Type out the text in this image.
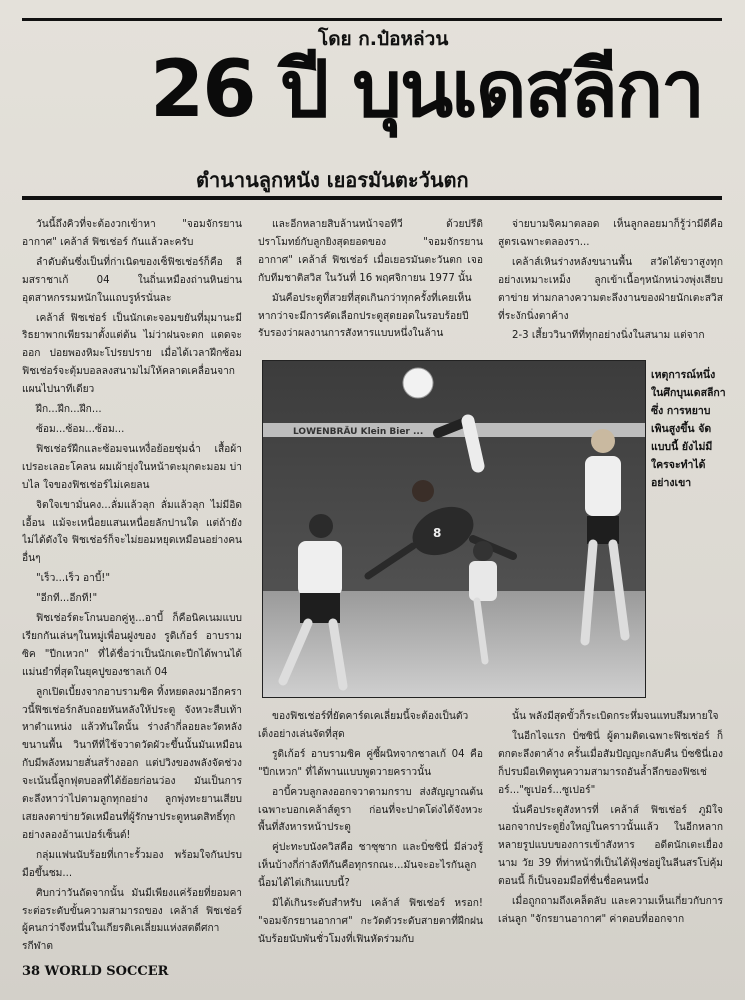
โดย ก.ป๋อหล่วน
26 ปี บุนเดสลีกา
ตำนานลูกหนัง เยอรมันตะวันตก

วันนี้ถึงคิวที่จะต้องวกเข้าหา "จอมจักรยานอากาศ" เคล้าส์ ฟิชเช่อร์ กันแล้วละครับ

ลำดับต้นซึ่งเป็นที่ก่าเนิดของเซ็ฟิชเช่อร์ก็คือ ลีมสราชาเก้ 04 ในถิ่นเหมืองถ่านหินย่านอุตสาหกรรมหนักในแถบรูห์รนั่นละ

เคล้าส์ ฟิชเช่อร์ เป็นนักเตะจอมขยันที่มุมานะมีริธยาพากเพียรมาตั้งแต่ต้น ไม่ว่าฝนจะตก แดดจะออก ปอยพองหิมะโปรยปราย เมื่อได้เวลาฝึกซ้อม ฟิชเช่อร์จะตุ้มบอลลงสนามไม่ให้คลาดเคลื่อนจากแผนไปนาทีเดียว

ฝึก...ฝึก...ฝึก...

ซ้อม...ซ้อม...ซ้อม...

ฟิชเช่อร์ฝึกและซ้อมจนเหงื่อย้อยชุ่มฉ่ำ เสื้อผ้าเปรอะเลอะโคลน ผมเผ้ายุ่งในหน้าตะมุกตะมอม บ่าบไล ใจของฟิชเช่อร์ไม่เคยลน

จิตใจเขามั่นคง...ลั่มแล้วลุก ลั่มแล้วลุก ไม่มีอิดเอื้อน แม้จะเหนื่อยแสนเหนื่อยลักปานใด แต่ถ้ายังไม่ได้ดังใจ ฟิชเช่อร์ก็จะไม่ยอมหยุดเหมือนอย่างคนอื่นๆ

"เร็ว...เร็ว อาบี้!"

"อีกที...อีกที!"

ฟิชเช่อร์ตะโกนบอกคู่หู...อาบี้ ก็คือนิคเนมแบบเรียกกันเล่นๆในหมู่เพื่อนฝูงของ รูดิเก้อร์ อาบรามซิค "ปีกเหวก" ที่ได้ชื่อว่าเป็นนักเตะปีกได้พานได้แม่นยำที่สุดในยุคปูของชาลเก้ 04

ลูกเปิดเบี้ยงจากอาบรามซิค ทิ้งหยดลงมาอีกคราวนี้ฟิชเช่อร์กลับถอยหันหลังให้ประตู จังหวะสืบเท้าหาตำแหน่ง แล้วทันใดนั้น ร่างลำกี่ลอยละวัดหลังขนานพื้น วินาทีที่ใช้จวาดวัดผัวะขึ้นนั้นมันเหมือนกับมีพลังหมายสั่นสร้างออก แต่ปวิงของพลังจัดช่วงจะเน้นนี้ลูกฟุตบอลที่ได้ย้อยก่อนว่อง มันเป็นการตะลึงหาว่าไปตามลูกทุกอย่าง ลูกพุ่งทะยานเสียบเสยลงตาข่ายวัดเหมือนที่ผู้รักษาประตูหนดสิทธิ์ทุกอย่างลองอ้านเปอร์เซ็นต์!

กลุ่มแฟนนับร้อยที่เกาะรั้วมอง พร้อมใจกันปรบมือขึ้นชม...

ศิบกว่าวันถัดจากนั้น มันมีเพียงแค่ร้อยที่ยอมคาระต่อระดับขั้นความสามารถของ เคล้าส์ ฟิชเช่อร์ ผู้คนกว่าจึงหนึ่นในเกียรติเคเลี่ยมแห่งสตดีศการกีฬาต

และอีกหลายสิบล้านหน้าจอทีวี ด้วยปรีดิปราโมทย์กับลูกยิงสุดยอดของ "จอมจักรยานอากาศ" เคล้าส์ ฟิชเช่อร์ เมื่อเยอรมันตะวันตก เจอกับทีมชาติสวิส ในวันที่ 16 พฤศจิกายน 1977 นั้น

มันคือประตูที่สวยที่สุดเกินกว่าทุกครั้งที่เคยเห็น หากว่าจะมีการคัดเลือกประตูสุดยอดในรอบร้อยปี รับรองว่าผลงานการสังหารแบบหนึ่งในล้าน

จ่ายบามจิคมาตลอด เห็นลูกลอยมาก็รู้ว่ามีดีคือสูตรเฉพาะตลองรา...

เคล้าส์เหินร่างหลังขนานพื้น สวัดได้ขวาสูงทุกอย่างเหมาะเหม็ง ลูกเข้าเนื้อๆหนักหน่วงพุ่งเสียบตาข่าย ท่ามกลางความตะลึงงานของฝ่ายนักเตะสวิสที่ระงักนิ่งตาค้าง

2-3 เสี้ยววินาทีที่ทุกอย่างนิ่งในสนาม แต่จาก

LOWENBRÄU Klein Bier ...
8
เหตุการณ์หนึ่ง ในศึกบุนเดสลีกา ซึ่ง การหยาบเพินสูงขึ้น จัดแบบนี้ ยังไม่มีใครจะทำได้อย่างเขา

ของฟิชเช่อร์ที่ยัดคาร์ดเคเลี่ยมนี้จะต้องเป็นตัวเต็งอย่างเล่นจัดที่สุด

รูดิเก้อร์ อาบรามซิค คู่ซี้ผนิทจากชาลเก้ 04 คือ "ปีกเหวก" ที่ได้พานแบบพูดวายคราวนั้น

อาบี้ควบลูกลงออกจวาดามกราบ ส่งสัญญาณต้นเฉพาะบอกเคล้าส์ตูรา ก่อนที่จะปาดโด่งได้จังหวะพื้นที่สังหารหน้าประตู

คู่ปะทะบนังควิสคือ ชาซุซาก และบิ่ซซินี่ มีล่วงรู้เห็นบ้างกี่ก่าลังทีกันคือทุกรกณะ...มันจะอะไรกันลูกนี้อมได้ไต่เกินแบบนี้?

มิได้เกินระดับสำหรับ เคล้าส์ ฟิชเช่อร์ หรอก! "จอมจักรยานอากาศ" กะวัดตัวระดับสายตาที่ฝึกฝนนับร้อยนับพันชั่วโมงที่เฟินหัดร่วมกับ

นั้น พลังมีสุดขั้วก็ระเบิดกระหึ่มจนแทบสึมหายใจ

ในอีกไจแรก บิ่ซซินี่ ผู้ตามติดเฉพาะฟิชเช่อร์ ก็ตกตะลึงตาค้าง ครั้นเมื่อสัมปัญญะกลับคืน บิ่ซซินี่เองก็ปรบมือเทิดทูนความสามารถอันล้ำลึกของฟิชเช่อร์..."ซูเปอร์...ซูเปอร์"

นั่นคือประตูสังหารที่ เคล้าส์ ฟิชเช่อร์ ภูมิใจนอกจากประตูยิ่งใหญ่ในคราวนั้นแล้ว ในอีกหลากหลายรูปแบบของการเข้าสังหาร อดีตนักเตะเยื่องนาม วัย 39 ที่ท่าหน้าที่เป็นได้ฟุ้งช่อยู่ในลีนสรโบ่คุ้มตอนนี้ ก็เป็นจอมมือที่ชื่นชื่อคนหนึ่ง

เมื่อถูกถามถึงเคล็ดลับ และความเห็นเกี่ยวกับการเล่นลูก "จักรยานอากาศ" ค่าตอบที่ออกจาก

38 WORLD SOCCER
